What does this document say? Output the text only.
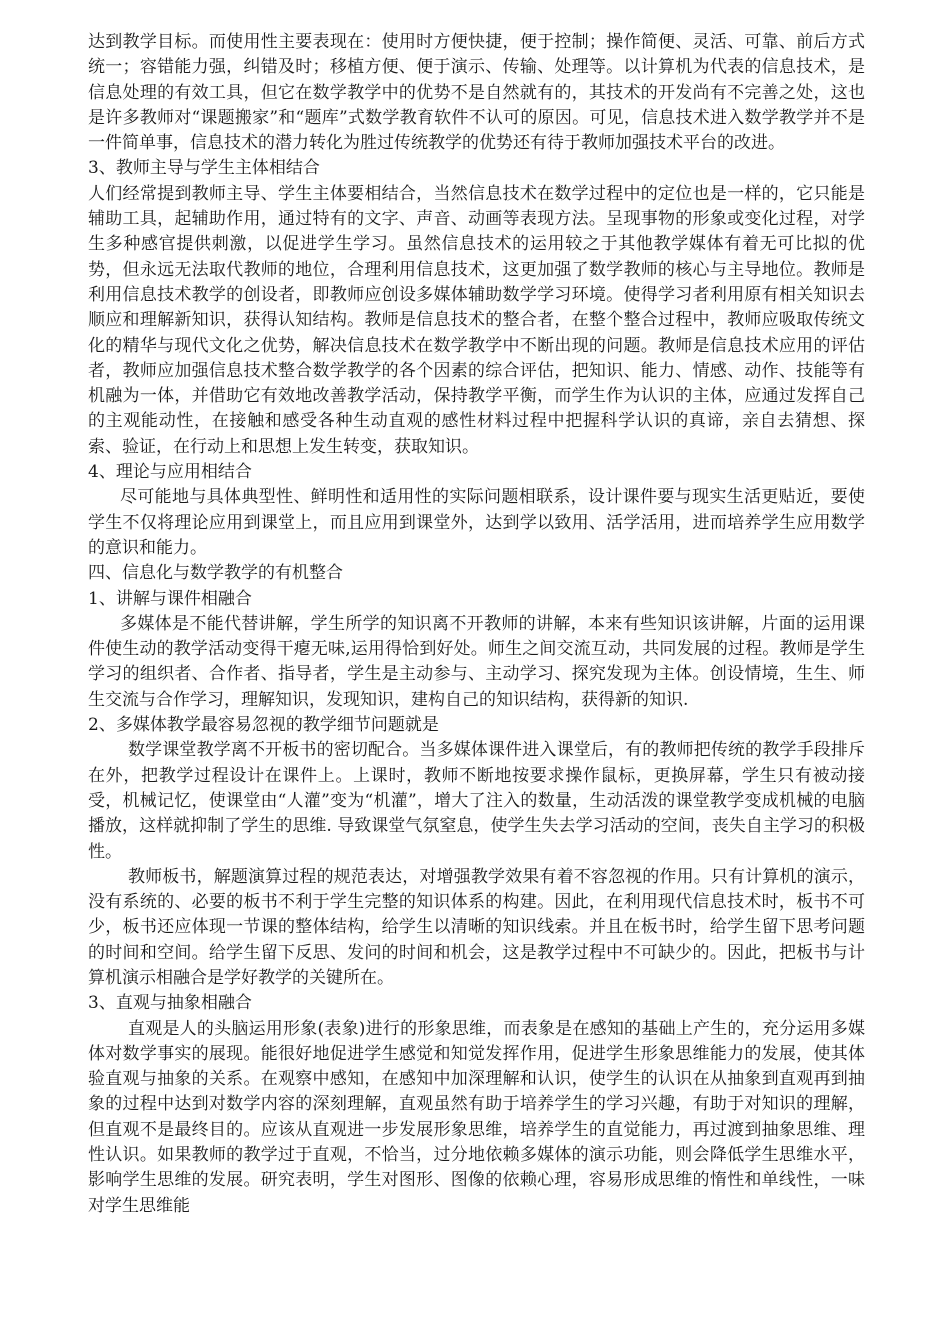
达到教学目标。而使用性主要表现在：使用时方便快捷，便于控制；操作简便、灵活、可靠、前后方式统一；容错能力强，纠错及时；移植方便、便于演示、传输、处理等。以计算机为代表的信息技术，是信息处理的有效工具，但它在数学教学中的优势不是自然就有的，其技术的开发尚有不完善之处，这也是许多教师对“课题搬家”和“题库”式数学教育软件不认可的原因。可见，信息技术进入数学教学并不是一件简单事，信息技术的潜力转化为胜过传统教学的优势还有待于教师加强技术平台的改进。

3、教师主导与学生主体相结合

人们经常提到教师主导、学生主体要相结合，当然信息技术在数学过程中的定位也是一样的，它只能是辅助工具，起辅助作用，通过特有的文字、声音、动画等表现方法。呈现事物的形象或变化过程，对学生多种感官提供刺激，以促进学生学习。虽然信息技术的运用较之于其他教学媒体有着无可比拟的优势，但永远无法取代教师的地位，合理利用信息技术，这更加强了数学教师的核心与主导地位。教师是利用信息技术教学的创设者，即教师应创设多媒体辅助数学学习环境。使得学习者利用原有相关知识去顺应和理解新知识，获得认知结构。教师是信息技术的整合者，在整个整合过程中，教师应吸取传统文化的精华与现代文化之优势，解决信息技术在数学教学中不断出现的问题。教师是信息技术应用的评估者，教师应加强信息技术整合数学教学的各个因素的综合评估，把知识、能力、情感、动作、技能等有机融为一体，并借助它有效地改善教学活动，保持教学平衡，而学生作为认识的主体，应通过发挥自己的主观能动性，在接触和感受各种生动直观的感性材料过程中把握科学认识的真谛，亲自去猜想、探索、验证，在行动上和思想上发生转变，获取知识。

4、理论与应用相结合

尽可能地与具体典型性、鲜明性和适用性的实际问题相联系，设计课件要与现实生活更贴近，要使学生不仅将理论应用到课堂上，而且应用到课堂外，达到学以致用、活学活用，进而培养学生应用数学的意识和能力。

四、信息化与数学教学的有机整合

1、讲解与课件相融合

多媒体是不能代替讲解，学生所学的知识离不开教师的讲解，本来有些知识该讲解，片面的运用课件使生动的教学活动变得干瘪无味,运用得恰到好处。师生之间交流互动，共同发展的过程。教师是学生学习的组织者、合作者、指导者，学生是主动参与、主动学习、探究发现为主体。创设情境，生生、师生交流与合作学习，理解知识，发现知识，建构自己的知识结构，获得新的知识.

2、多媒体教学最容易忽视的教学细节问题就是

数学课堂教学离不开板书的密切配合。当多媒体课件进入课堂后，有的教师把传统的教学手段排斥在外，把教学过程设计在课件上。上课时，教师不断地按要求操作鼠标，更换屏幕，学生只有被动接受，机械记忆，使课堂由“人灌”变为“机灌”，增大了注入的数量，生动活泼的课堂教学变成机械的电脑播放，这样就抑制了学生的思维. 导致课堂气氛窒息，使学生失去学习活动的空间，丧失自主学习的积极性。

教师板书，解题演算过程的规范表达，对增强教学效果有着不容忽视的作用。只有计算机的演示，没有系统的、必要的板书不利于学生完整的知识体系的构建。因此，在利用现代信息技术时，板书不可少，板书还应体现一节课的整体结构，给学生以清晰的知识线索。并且在板书时，给学生留下思考问题的时间和空间。给学生留下反思、发问的时间和机会，这是教学过程中不可缺少的。因此，把板书与计算机演示相融合是学好教学的关键所在。

3、直观与抽象相融合

直观是人的头脑运用形象(表象)进行的形象思维，而表象是在感知的基础上产生的，充分运用多媒体对数学事实的展现。能很好地促进学生感觉和知觉发挥作用，促进学生形象思维能力的发展，使其体验直观与抽象的关系。在观察中感知，在感知中加深理解和认识，使学生的认识在从抽象到直观再到抽象的过程中达到对数学内容的深刻理解，直观虽然有助于培养学生的学习兴趣，有助于对知识的理解，但直观不是最终目的。应该从直观进一步发展形象思维，培养学生的直觉能力，再过渡到抽象思维、理性认识。如果教师的教学过于直观，不恰当，过分地依赖多媒体的演示功能，则会降低学生思维水平，影响学生思维的发展。研究表明，学生对图形、图像的依赖心理，容易形成思维的惰性和单线性，一味对学生思维能
